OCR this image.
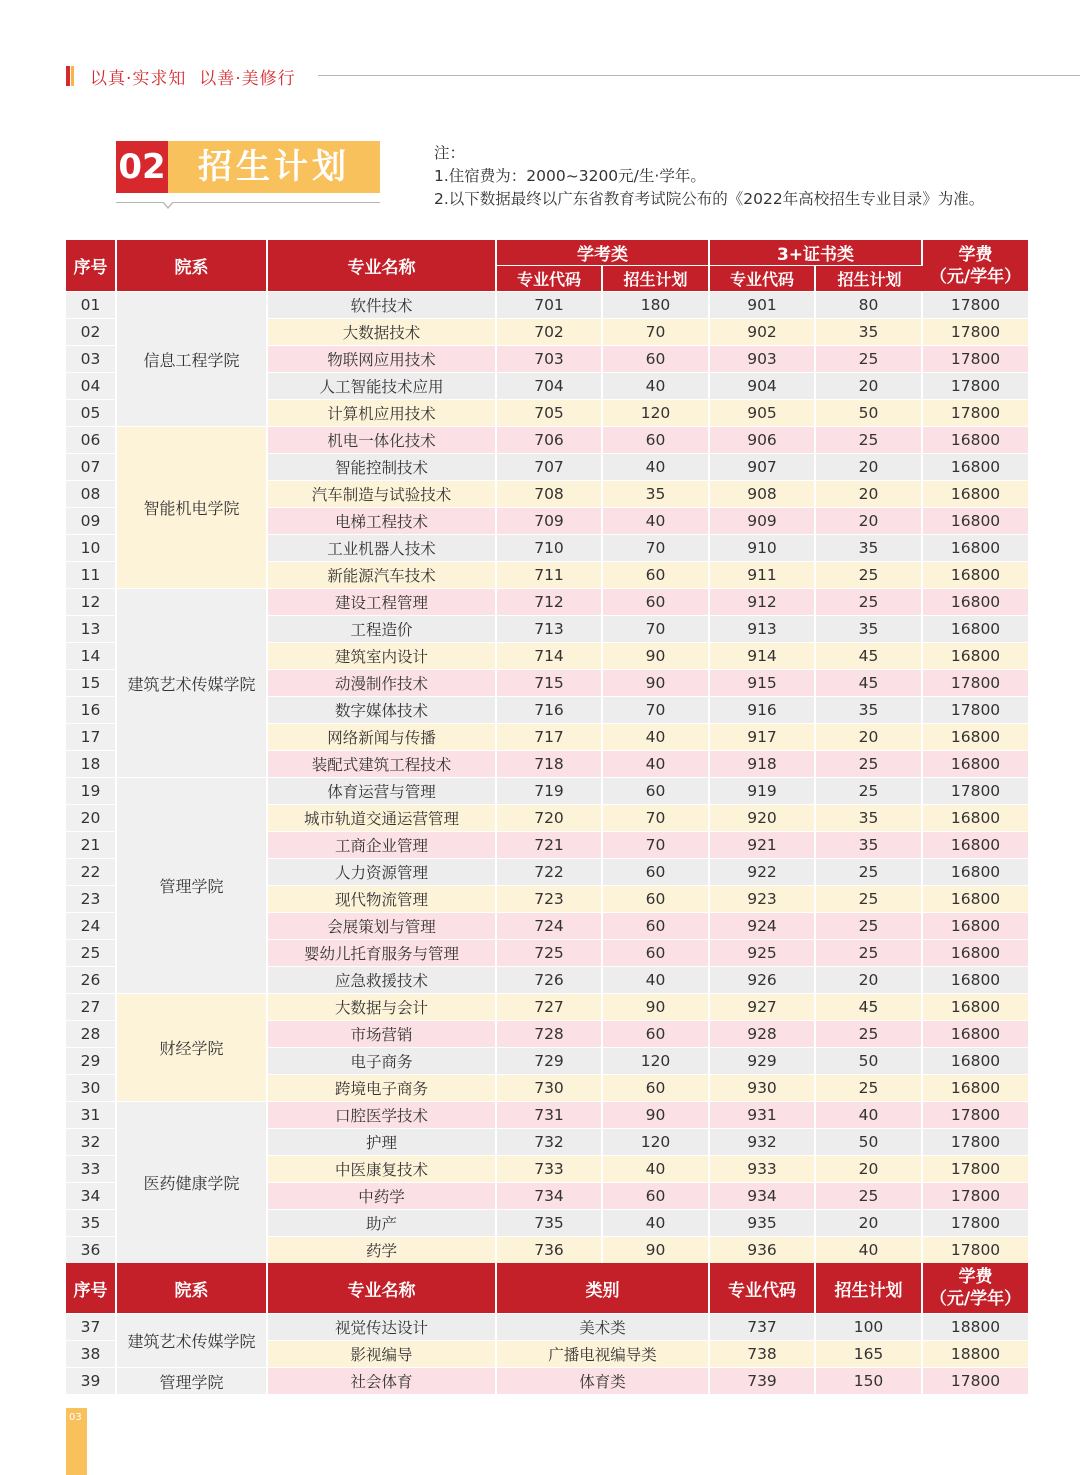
以真·实求知  以善·美修行
02 招生计划	注：
1.住宿费为：2000~3200元/生·学年。
2.以下数据最终以广东省教育考试院公布的《2022年高校招生专业目录》为准。
序号	院系	专业名称	学考类		3+证书类		学费
（元/学年）

			专业代码	招生计划	专业代码	招生计划	
01	信息工程学院	软件技术	701	180	901	80	17800
02		大数据技术	702	70	902	35	17800
03		物联网应用技术	703	60	903	25	17800
04		人工智能技术应用	704	40	904	20	17800
05		计算机应用技术	705	120	905	50	17800
06	智能机电学院	机电一体化技术	706	60	906	25	16800
07		智能控制技术	707	40	907	20	16800
08		汽车制造与试验技术	708	35	908	20	16800
09		电梯工程技术	709	40	909	20	16800
10		工业机器人技术	710	70	910	35	16800
11		新能源汽车技术	711	60	911	25	16800
12	建筑艺术传媒学院	建设工程管理	712	60	912	25	16800
13		工程造价	713	70	913	35	16800
14		建筑室内设计	714	90	914	45	16800
15		动漫制作技术	715	90	915	45	17800
16		数字媒体技术	716	70	916	35	17800
17		网络新闻与传播	717	40	917	20	16800
18		装配式建筑工程技术	718	40	918	25	16800
19	管理学院	体育运营与管理	719	60	919	25	17800
20		城市轨道交通运营管理	720	70	920	35	16800
21		工商企业管理	721	70	921	35	16800
22		人力资源管理	722	60	922	25	16800
23		现代物流管理	723	60	923	25	16800
24		会展策划与管理	724	60	924	25	16800
25		婴幼儿托育服务与管理	725	60	925	25	16800
26		应急救援技术	726	40	926	20	16800
27	财经学院	大数据与会计	727	90	927	45	16800
28		市场营销	728	60	928	25	16800
29		电子商务	729	120	929	50	16800
30		跨境电子商务	730	60	930	25	16800
31	医药健康学院	口腔医学技术	731	90	931	40	17800
32		护理	732	120	932	50	17800
33		中医康复技术	733	40	933	20	17800
34		中药学	734	60	934	25	17800
35		助产	735	40	935	20	17800
36		药学	736	90	936	40	17800
序号	院系	专业名称	类别		专业代码	招生计划	学费
（元/学年）

37	建筑艺术传媒学院	视觉传达设计	美术类		737	100	18800
38		影视编导	广播电视编导类		738	165	18800
39	管理学院	社会体育	体育类		739	150	17800
03
